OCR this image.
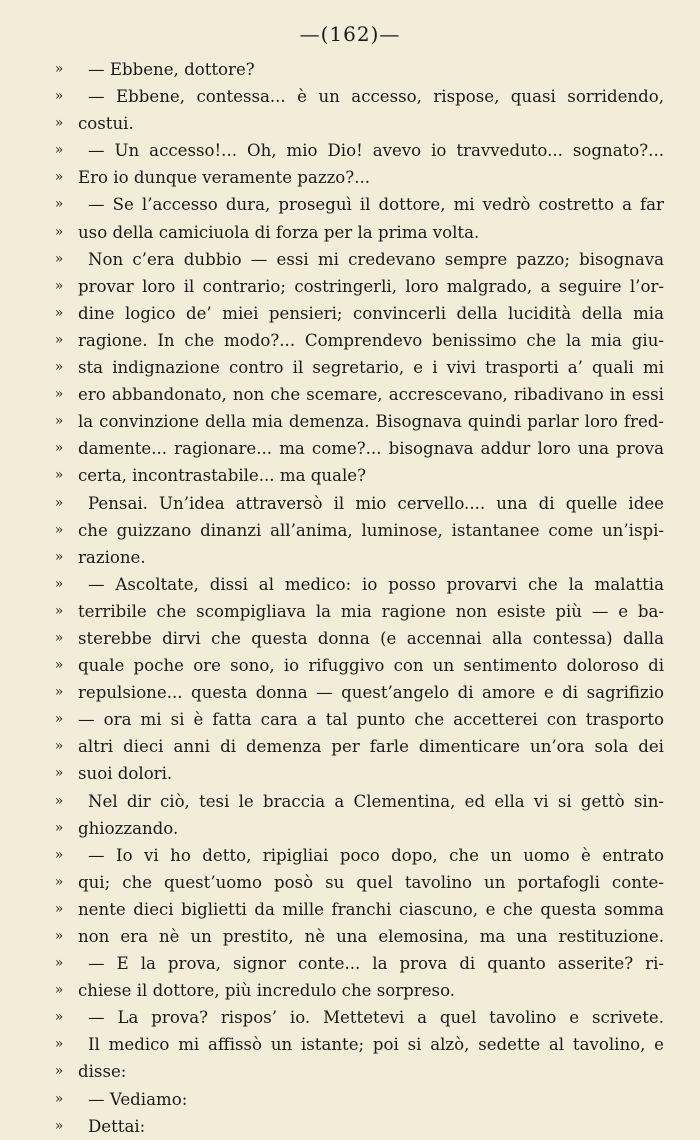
—(162)—
»	— Ebbene, dottore?
»	— Ebbene, contessa... è un accesso, rispose, quasi sorridendo,
» costui.
»	— Un accesso!... Oh, mio Dio! avevo io travveduto... sognato?...
» Ero io dunque veramente pazzo?...
»	— Se l’accesso dura, proseguì il dottore, mi vedrò costretto a far
» uso della camiciuola di forza per la prima volta.
»	Non c’era dubbio — essi mi credevano sempre pazzo; bisognava
» provar loro il contrario; costringerli, loro malgrado, a seguire l’or-
» dine logico de’ miei pensieri; convincerli della lucidità della mia
» ragione. In che modo?... Comprendevo benissimo che la mia giu-
» sta indignazione contro il segretario, e i vivi trasporti a’ quali mi
» ero abbandonato, non che scemare, accrescevano, ribadivano in essi
» la convinzione della mia demenza. Bisognava quindi parlar loro fred-
» damente... ragionare... ma come?... bisognava addur loro una prova
» certa, incontrastabile... ma quale?
»	Pensai. Un’idea attraversò il mio cervello.... una di quelle idee
» che guizzano dinanzi all’anima, luminose, istantanee come un’ispi-
» razione.
»	— Ascoltate, dissi al medico: io posso provarvi che la malattia
» terribile che scompigliava la mia ragione non esiste più — e ba-
» sterebbe dirvi che questa donna (e accennai alla contessa) dalla
» quale poche ore sono, io rifuggivo con un sentimento doloroso di
» repulsione... questa donna — quest’angelo di amore e di sagrifizio
» — ora mi si è fatta cara a tal punto che accetterei con trasporto
» altri dieci anni di demenza per farle dimenticare un’ora sola dei
» suoi dolori.
»	Nel dir ciò, tesi le braccia a Clementina, ed ella vi si gettò sin-
» ghiozzando.
»	— Io vi ho detto, ripigliai poco dopo, che un uomo è entrato
» qui; che quest’uomo posò su quel tavolino un portafogli conte-
» nente dieci biglietti da mille franchi ciascuno, e che questa somma
» non era nè un prestito, nè una elemosina, ma una restituzione.
»	— E la prova, signor conte... la prova di quanto asserite? ri-
» chiese il dottore, più incredulo che sorpreso.
»	— La prova? rispos’ io. Mettetevi a quel tavolino e scrivete.
»	Il medico mi affissò un istante; poi si alzò, sedette al tavolino, e
» disse:
»	— Vediamo:
»	Dettai:
